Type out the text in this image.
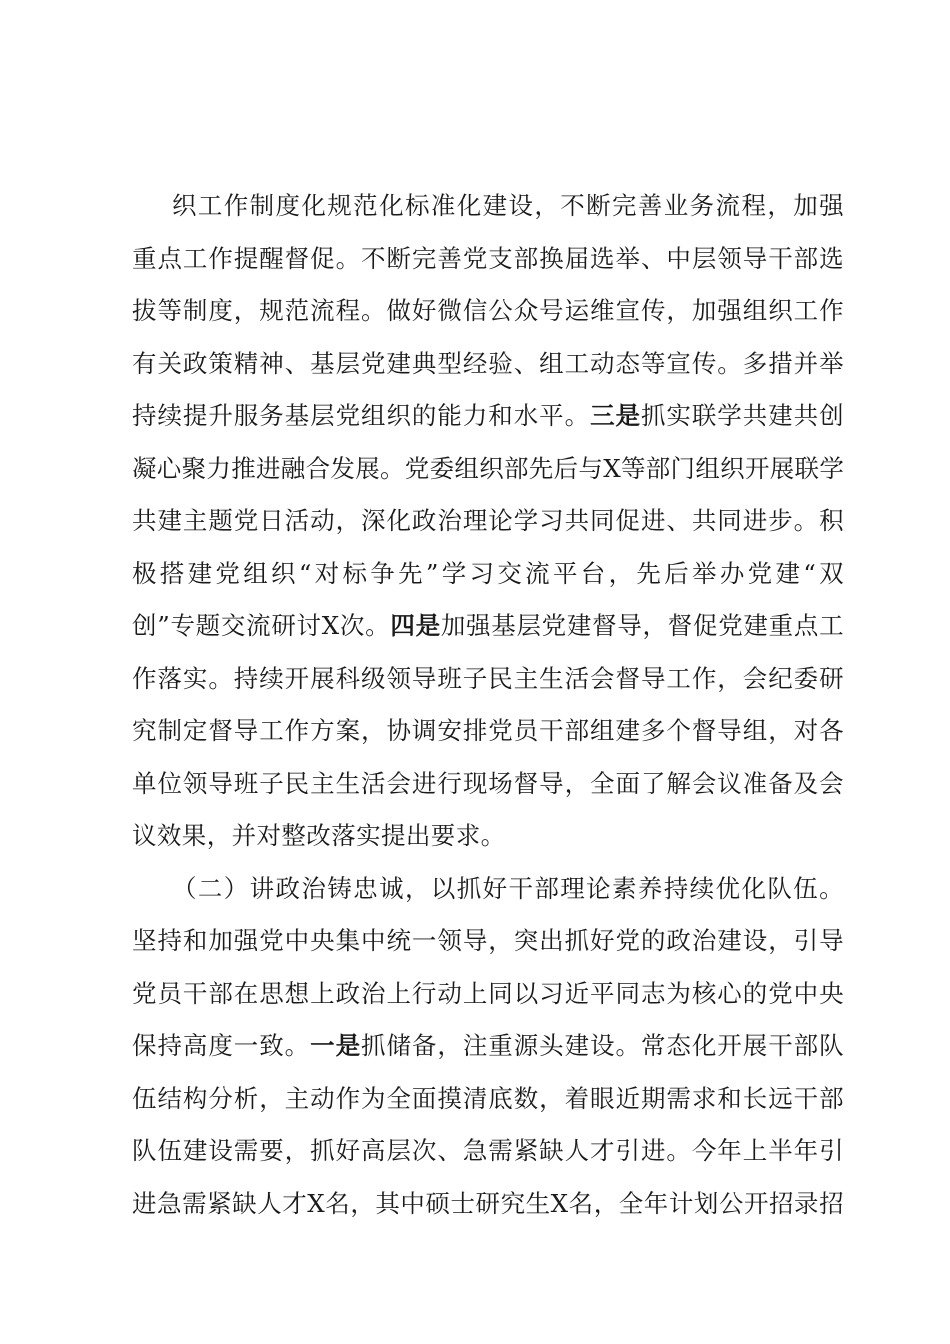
织工作制度化规范化标准化建设，不断完善业务流程，加强
重点工作提醒督促。不断完善党支部换届选举、中层领导干部选
拔等制度，规范流程。做好微信公众号运维宣传，加强组织工作
有关政策精神、基层党建典型经验、组工动态等宣传。多措并举
持续提升服务基层党组织的能力和水平。三是抓实联学共建共创
凝心聚力推进融合发展。党委组织部先后与X等部门组织开展联学
共建主题党日活动，深化政治理论学习共同促进、共同进步。积
极搭建党组织“对标争先”学习交流平台，先后举办党建“双
创”专题交流研讨X次。四是加强基层党建督导，督促党建重点工
作落实。持续开展科级领导班子民主生活会督导工作，会纪委研
究制定督导工作方案，协调安排党员干部组建多个督导组，对各
单位领导班子民主生活会进行现场督导，全面了解会议准备及会
议效果，并对整改落实提出要求。
（二）讲政治铸忠诚，以抓好干部理论素养持续优化队伍。
坚持和加强党中央集中统一领导，突出抓好党的政治建设，引导
党员干部在思想上政治上行动上同以习近平同志为核心的党中央
保持高度一致。一是抓储备，注重源头建设。常态化开展干部队
伍结构分析，主动作为全面摸清底数，着眼近期需求和长远干部
队伍建设需要，抓好高层次、急需紧缺人才引进。今年上半年引
进急需紧缺人才X名，其中硕士研究生X名，全年计划公开招录招
